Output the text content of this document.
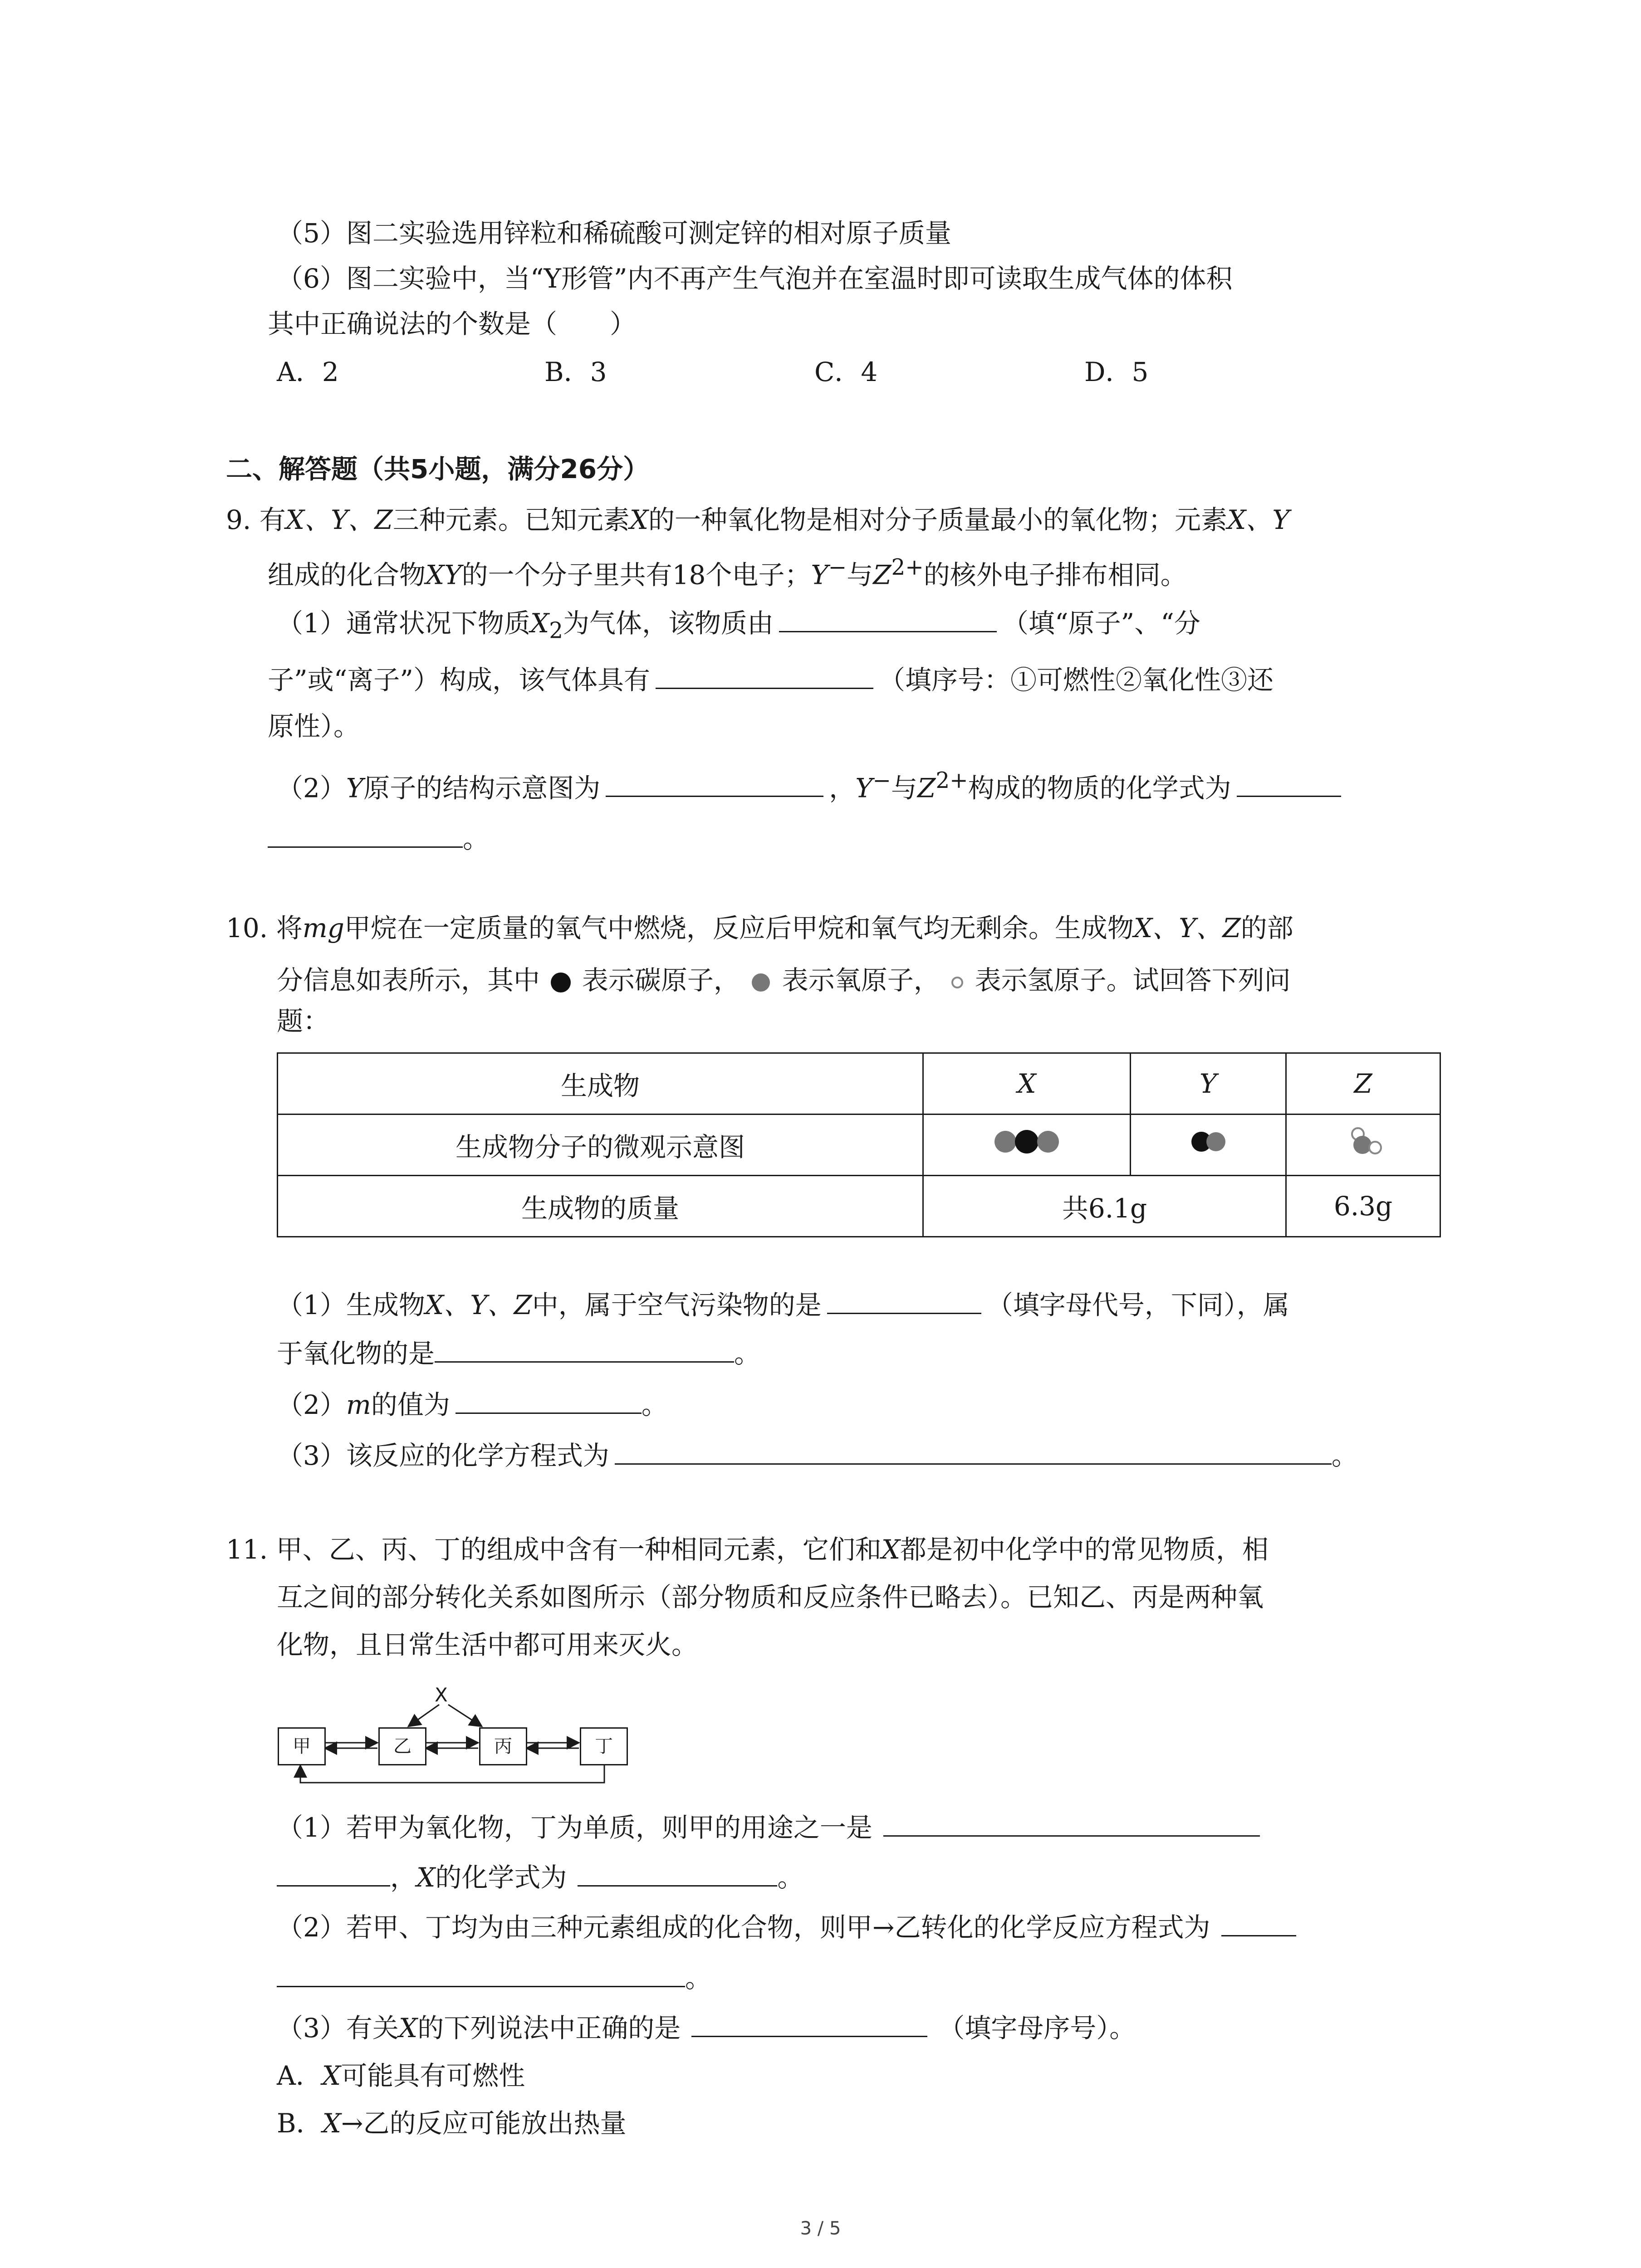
（5）图二实验选用锌粒和稀硫酸可测定锌的相对原子质量
（6）图二实验中，当“Y形管”内不再产生气泡并在室温时即可读取生成气体的体积
其中正确说法的个数是（　　）
A．2	B．3	C．4	D．5
二、解答题（共5小题，满分26分）
9. 有X、Y、Z三种元素。已知元素X的一种氧化物是相对分子质量最小的氧化物；元素X、Y
组成的化合物XY的一个分子里共有18个电子；Y−与$Z^{2+}$的核外电子排布相同。
（1）通常状况下物质$X_2$为气体，该物质由	（填“原子”、“分
子”或“离子”）构成，该气体具有	（填序号：①可燃性②氧化性③还
原性）。
（2）Y原子的结构示意图为	，Y−与$Z^{2+}$构成的物质的化学式为
。
10. 将mg甲烷在一定质量的氧气中燃烧，反应后甲烷和氧气均无剩余。生成物X、Y、Z的部
分信息如表所示，其中 表示碳原子， 表示氧原子， 表示氢原子。试回答下列问
题：
生成物	X	Y	Z
生成物分子的微观示意图			
生成物的质量	共6.1g		6.3g
（1）生成物X、Y、Z中，属于空气污染物的是	（填字母代号，下同），属
于氧化物的是	。
（2）m的值为	。
（3）该反应的化学方程式为	。
11. 甲、乙、丙、丁的组成中含有一种相同元素，它们和X都是初中化学中的常见物质，相
互之间的部分转化关系如图所示（部分物质和反应条件已略去）。已知乙、丙是两种氧
化物，且日常生活中都可用来灭火。
X
甲	乙	丙	丁
（1）若甲为氧化物，丁为单质，则甲的用途之一是
，X的化学式为	。
（2）若甲、丁均为由三种元素组成的化合物，则甲→乙转化的化学反应方程式为
。
（3）有关X的下列说法中正确的是	（填字母序号）。
A．X可能具有可燃性
B．X→乙的反应可能放出热量
3 / 5
